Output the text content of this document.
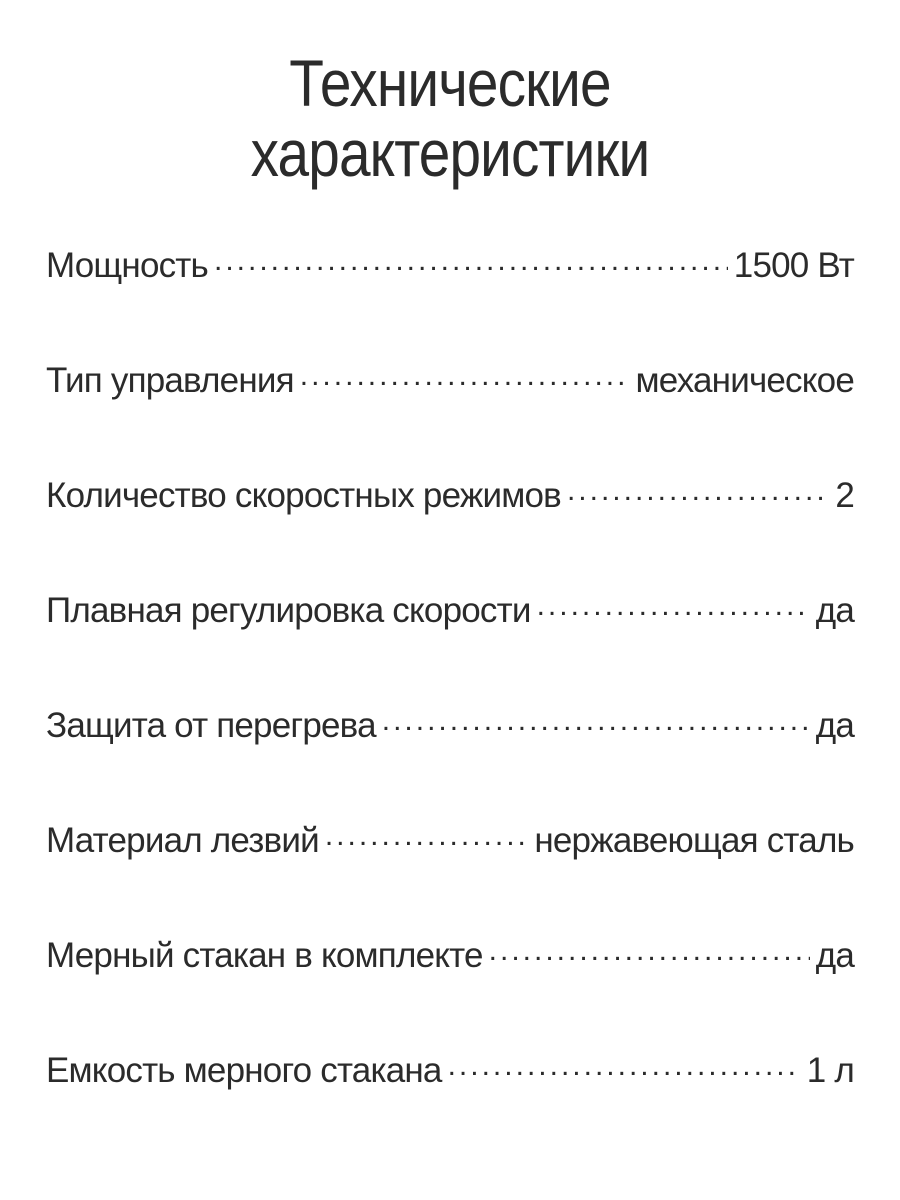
Технические
характеристики
Мощность .....	1500 Вт
Тип управления .....	механическое
Количество скоростных режимов .....	2
Плавная регулировка скорости .....	да
Защита от перегрева .....	да
Материал лезвий .....	нержавеющая сталь
Мерный стакан в комплекте .....	да
Емкость мерного стакана .....	1 л
